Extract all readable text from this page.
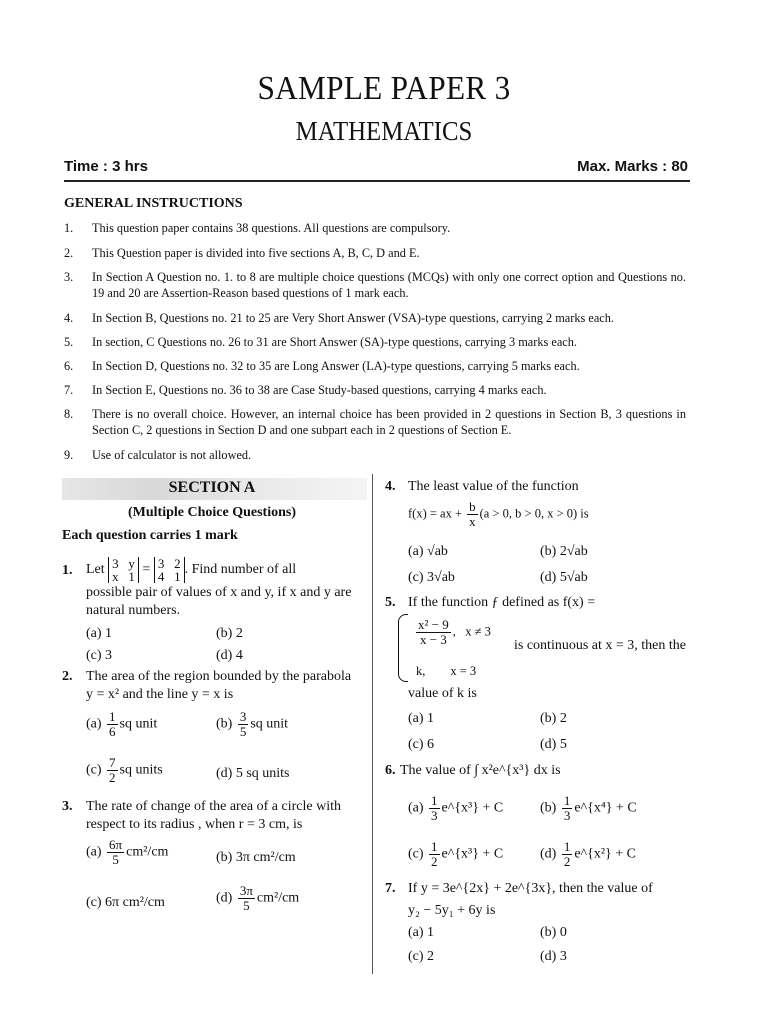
SAMPLE PAPER 3
MATHEMATICS
Time : 3 hrs	Max. Marks : 80
GENERAL INSTRUCTIONS
1. This question paper contains 38 questions. All questions are compulsory.
2. This Question paper is divided into five sections A, B, C, D and E.
3. In Section A Question no. 1. to 8 are multiple choice questions (MCQs) with only one correct option and Questions no. 19 and 20 are Assertion-Reason based questions of 1 mark each.
4. In Section B, Questions no. 21 to 25 are Very Short Answer (VSA)-type questions, carrying 2 marks each.
5. In section, C Questions no. 26 to 31 are Short Answer (SA)-type questions, carrying 3 marks each.
6. In Section D, Questions no. 32 to 35 are Long Answer (LA)-type questions, carrying 5 marks each.
7. In Section E, Questions no. 36 to 38 are Case Study-based questions, carrying 4 marks each.
8. There is no overall choice. However, an internal choice has been provided in 2 questions in Section B, 3 questions in Section C, 2 questions in Section D and one subpart each in 2 questions of Section E.
9. Use of calculator is not allowed.
SECTION A
(Multiple Choice Questions)
Each question carries 1 mark
1. Let 3 y
x 1 = 3 2
4 1 . Find number of all
possible pair of values of x and y, if x and y are
natural numbers.
(a) 1	(b) 2
(c) 3	(d) 4
2. The area of the region bounded by the parabola
y = x² and the line y = x is
$(a) \frac{1}{6}$ sq unit	$(b) \frac{3}{5}$ sq unit
$(c) \frac{7}{2}$ sq units	(d) 5 sq units
3. The rate of change of the area of a circle with
respect to its radius , when r = 3 cm, is
$(a) \frac{6\pi}{5} cm^2/cm$	(b) 3π cm²/cm
(c) 6π cm²/cm	$(d) \frac{3\pi}{5} cm^2/cm$
4. The least value of the function
f(x) = ax + $\frac{b}{x} (a > 0$, b > 0, x > 0) is
(a) √ab	(b) 2√ab
(c) 3√ab	(d) 5√ab
5. If the function ƒ defined as f(x) =
$\frac{\text{x² − 9}}{x - 3}$ , x ≠ 3
is continuous at x = 3, then the
k, x = 3
value of k is
(a) 1	(b) 2
(c) 6	(d) 5
6. The value of ∫ x²e^{x³} dx is
$(a) \frac{1}{3}$ e^{x³} + C	$(b) \frac{1}{3}$ e^{x⁴} + C
$(c) \frac{1}{2}$ e^{x³} + C	$(d) \frac{1}{2}$ e^{x²} + C
7. If y = 3e^{2x} + 2e^{3x}, then the value of
y₂ − 5y₁ + 6y is
(a) 1	(b) 0
(c) 2	(d) 3
